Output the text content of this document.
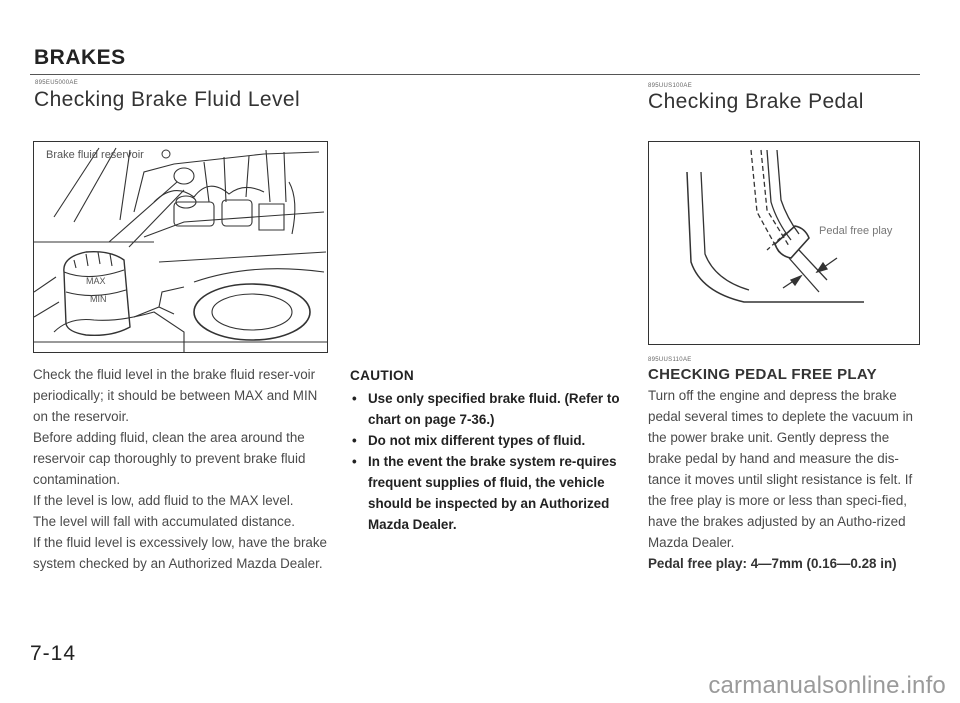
BRAKES
895EU5000AE
Checking Brake Fluid Level
Brake fluid reservoir
MAX
MIN
Check the fluid level in the brake fluid reser-voir periodically; it should be between MAX and MIN on the reservoir.
Before adding fluid, clean the area around the reservoir cap thoroughly to prevent brake fluid contamination.
If the level is low, add fluid to the MAX level.
The level will fall with accumulated distance.
If the fluid level is excessively low, have the brake system checked by an Authorized Mazda Dealer.
CAUTION
• Use only specified brake fluid. (Refer to chart on page 7-36.)
• Do not mix different types of fluid.
• In the event the brake system re-quires frequent supplies of fluid, the vehicle should be inspected by an Authorized Mazda Dealer.
895UUS100AE
Checking Brake Pedal
Pedal free play
895UUS110AE
CHECKING PEDAL FREE PLAY
Turn off the engine and depress the brake pedal several times to deplete the vacuum in the power brake unit. Gently depress the brake pedal by hand and measure the dis-tance it moves until slight resistance is felt. If the free play is more or less than speci-fied, have the brakes adjusted by an Autho-rized Mazda Dealer.
Pedal free play: 4—7mm (0.16—0.28 in)
7-14
carmanualsonline.info
